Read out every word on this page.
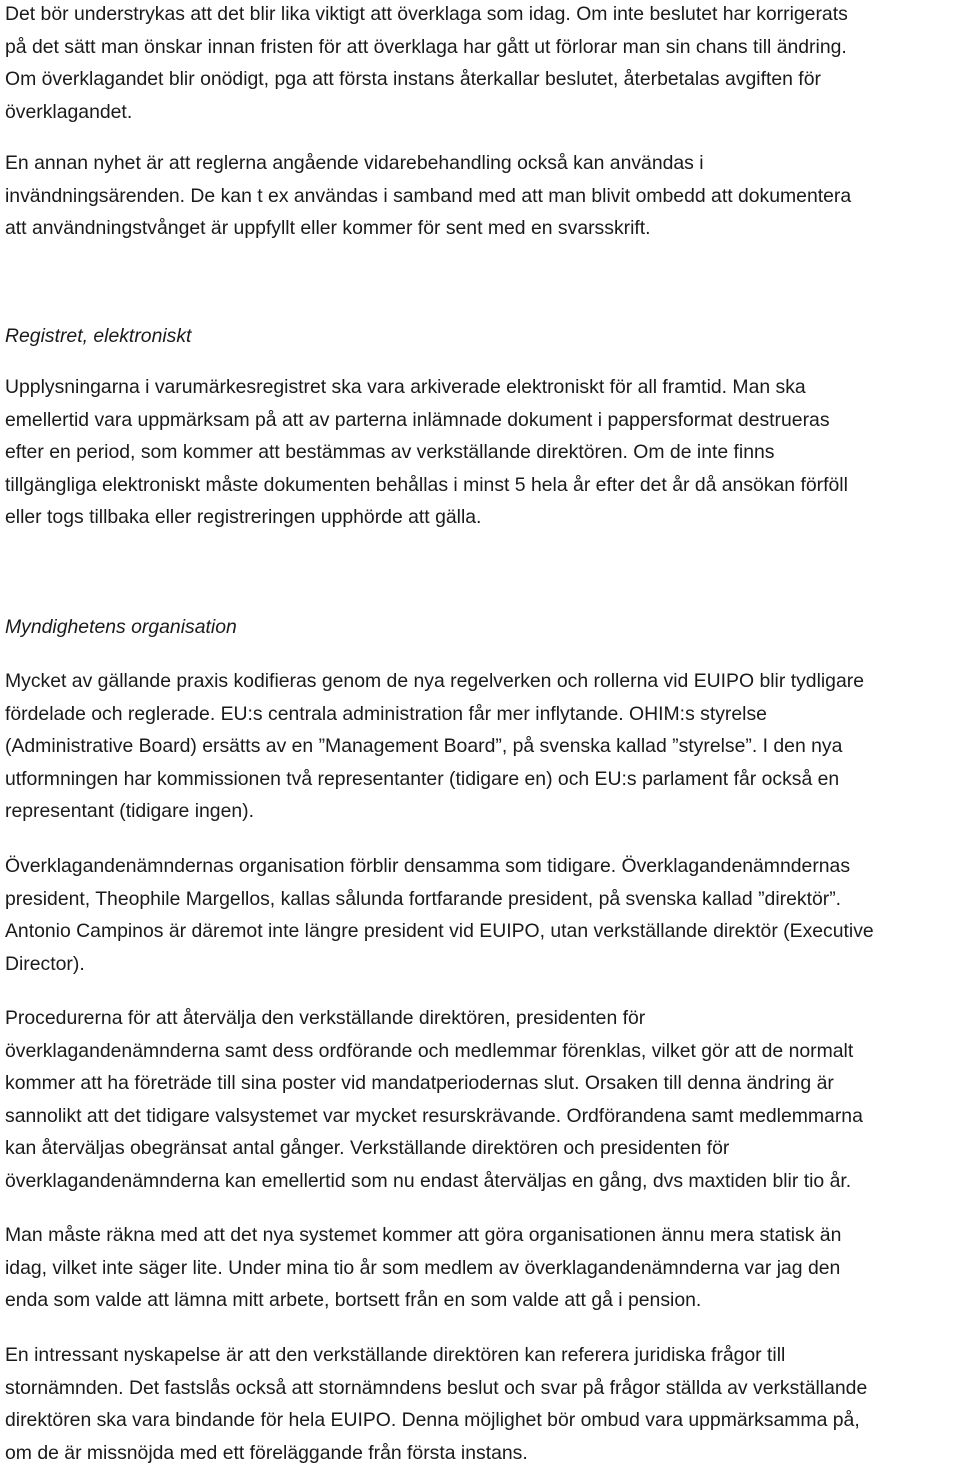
Det bör understrykas att det blir lika viktigt att överklaga som idag. Om inte beslutet har korrigerats
på det sätt man önskar innan fristen för att överklaga har gått ut förlorar man sin chans till ändring.
Om överklagandet blir onödigt, pga att första instans återkallar beslutet, återbetalas avgiften för
överklagandet.
En annan nyhet är att reglerna angående vidarebehandling också kan användas i
invändningsärenden. De kan t ex användas i samband med att man blivit ombedd att dokumentera
att användningstvånget är uppfyllt eller kommer för sent med en svarsskrift.
Registret, elektroniskt
Upplysningarna i varumärkesregistret ska vara arkiverade elektroniskt för all framtid. Man ska
emellertid vara uppmärksam på att av parterna inlämnade dokument i pappersformat destrueras
efter en period, som kommer att bestämmas av verkställande direktören. Om de inte finns
tillgängliga elektroniskt måste dokumenten behållas i minst 5 hela år efter det år då ansökan förföll
eller togs tillbaka eller registreringen upphörde att gälla.
Myndighetens organisation
Mycket av gällande praxis kodifieras genom de nya regelverken och rollerna vid EUIPO blir tydligare
fördelade och reglerade. EU:s centrala administration får mer inflytande. OHIM:s styrelse
(Administrative Board) ersätts av en ”Management Board”, på svenska kallad ”styrelse”. I den nya
utformningen har kommissionen två representanter (tidigare en) och EU:s parlament får också en
representant (tidigare ingen).
Överklagandenämndernas organisation förblir densamma som tidigare. Överklagandenämndernas
president, Theophile Margellos, kallas sålunda fortfarande president, på svenska kallad ”direktör”.
Antonio Campinos är däremot inte längre president vid EUIPO, utan verkställande direktör (Executive
Director).
Procedurerna för att återvälja den verkställande direktören, presidenten för
överklagandenämnderna samt dess ordförande och medlemmar förenklas, vilket gör att de normalt
kommer att ha företräde till sina poster vid mandatperiodernas slut. Orsaken till denna ändring är
sannolikt att det tidigare valsystemet var mycket resurskrävande. Ordförandena samt medlemmarna
kan återväljas obegränsat antal gånger. Verkställande direktören och presidenten för
överklagandenämnderna kan emellertid som nu endast återväljas en gång, dvs maxtiden blir tio år.
Man måste räkna med att det nya systemet kommer att göra organisationen ännu mera statisk än
idag, vilket inte säger lite. Under mina tio år som medlem av överklagandenämnderna var jag den
enda som valde att lämna mitt arbete, bortsett från en som valde att gå i pension.
En intressant nyskapelse är att den verkställande direktören kan referera juridiska frågor till
stornämnden. Det fastslås också att stornämndens beslut och svar på frågor ställda av verkställande
direktören ska vara bindande för hela EUIPO. Denna möjlighet bör ombud vara uppmärksamma på,
om de är missnöjda med ett föreläggande från första instans.
